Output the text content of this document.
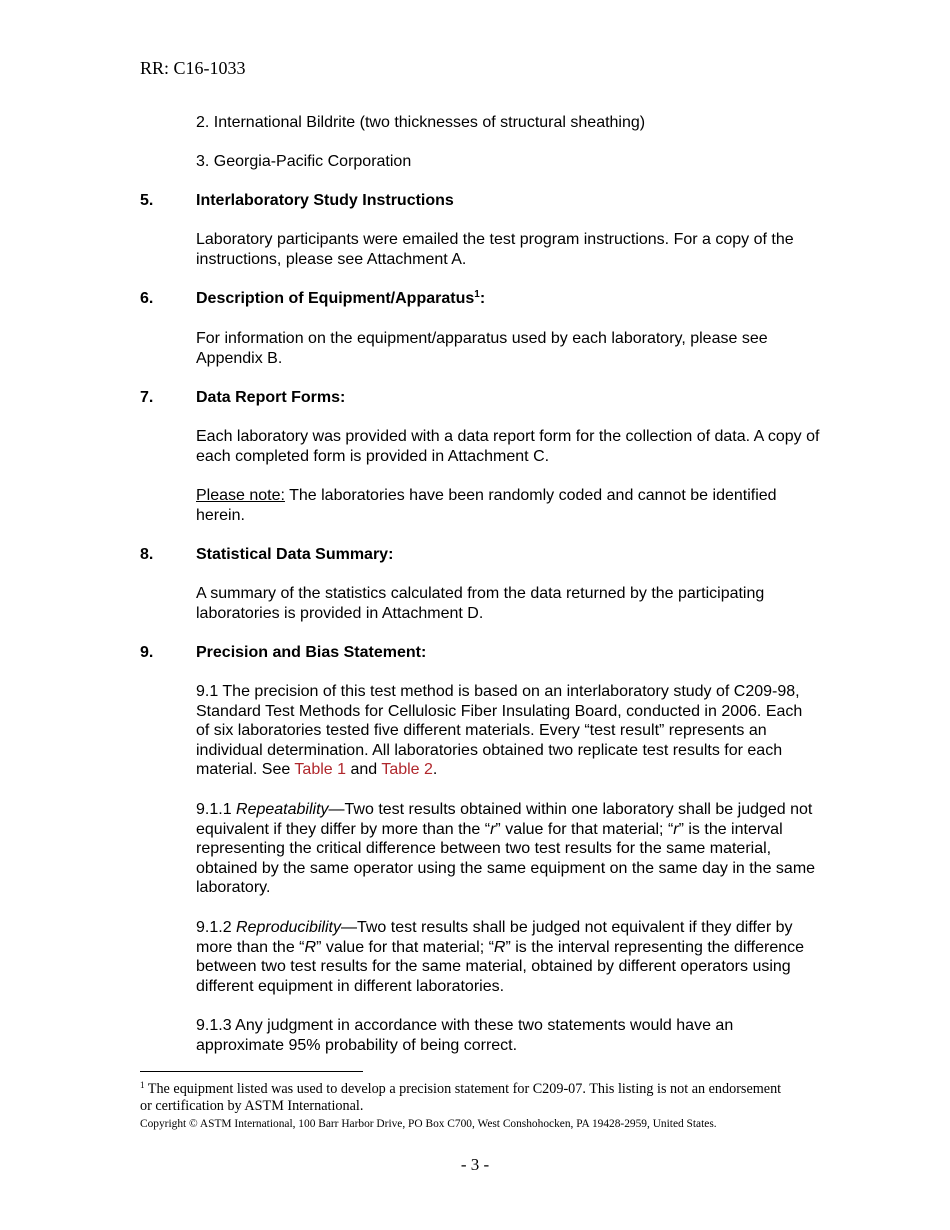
RR: C16-1033
2. International Bildrite (two thicknesses of structural sheathing)
3. Georgia-Pacific Corporation
5.	Interlaboratory Study Instructions
Laboratory participants were emailed the test program instructions. For a copy of the instructions, please see Attachment A.
6.	Description of Equipment/Apparatus$^1$:
For information on the equipment/apparatus used by each laboratory, please see Appendix B.
7.	Data Report Forms:
Each laboratory was provided with a data report form for the collection of data. A copy of each completed form is provided in Attachment C.
Please note: The laboratories have been randomly coded and cannot be identified herein.
8.	Statistical Data Summary:
A summary of the statistics calculated from the data returned by the participating laboratories is provided in Attachment D.
9.	Precision and Bias Statement:
9.1 The precision of this test method is based on an interlaboratory study of C209-98, Standard Test Methods for Cellulosic Fiber Insulating Board, conducted in 2006. Each of six laboratories tested five different materials. Every “test result” represents an individual determination. All laboratories obtained two replicate test results for each material. See Table 1 and Table 2.
9.1.1 Repeatability—Two test results obtained within one laboratory shall be judged not equivalent if they differ by more than the “r” value for that material; “r” is the interval representing the critical difference between two test results for the same material, obtained by the same operator using the same equipment on the same day in the same laboratory.
9.1.2 Reproducibility—Two test results shall be judged not equivalent if they differ by more than the “R” value for that material; “R” is the interval representing the difference between two test results for the same material, obtained by different operators using different equipment in different laboratories.
9.1.3 Any judgment in accordance with these two statements would have an approximate 95% probability of being correct.
$^1$ The equipment listed was used to develop a precision statement for C209-07. This listing is not an endorsement or certification by ASTM International.
Copyright © ASTM International, 100 Barr Harbor Drive, PO Box C700, West Conshohocken, PA 19428-2959, United States.
- 3 -
